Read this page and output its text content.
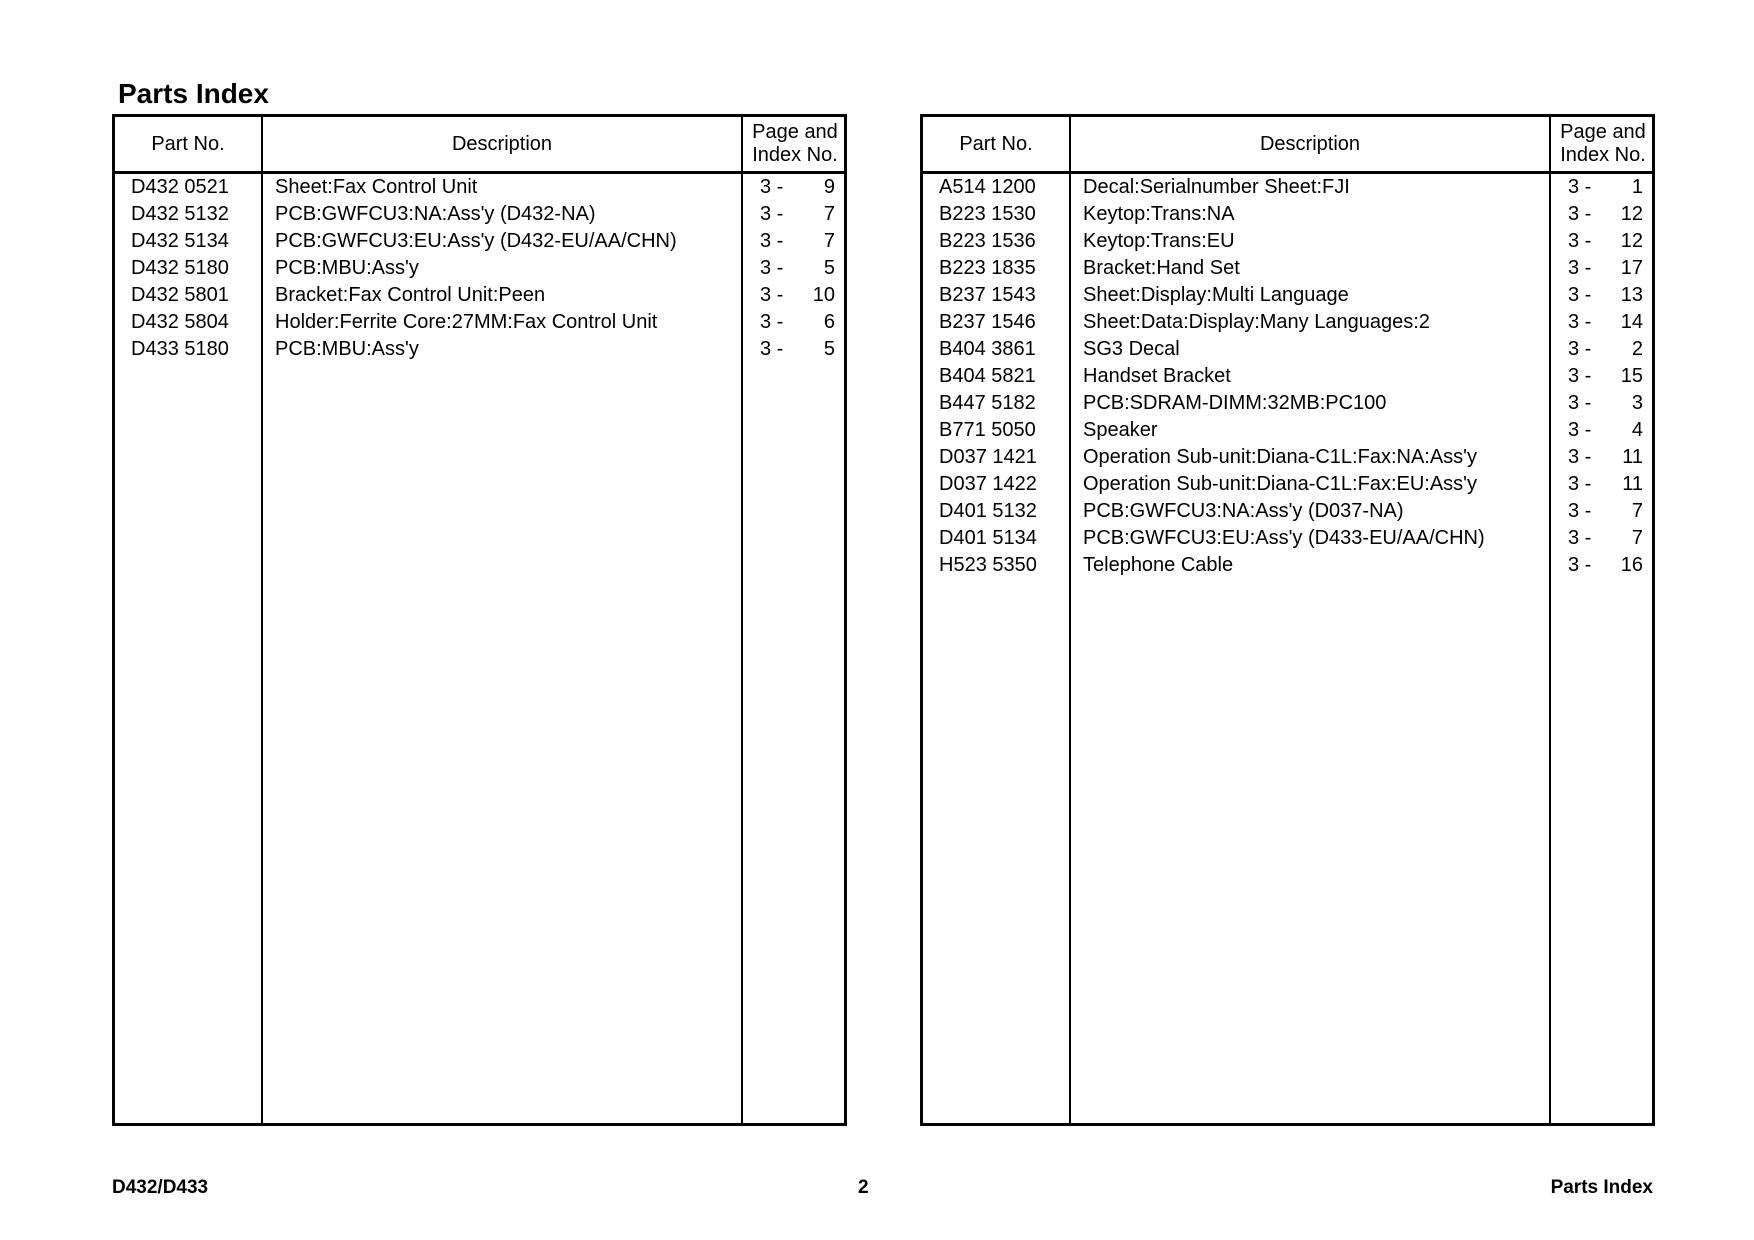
Parts Index
Part No.	Description
Page and
Index No.
D432 0521 Sheet:Fax Control Unit	3 -	9
D432 5132 PCB:GWFCU3:NA:Ass'y (D432-NA)	3 -	7
D432 5134 PCB:GWFCU3:EU:Ass'y (D432-EU/AA/CHN)	3 -	7
D432 5180 PCB:MBU:Ass'y	3 -	5
D432 5801 Bracket:Fax Control Unit:Peen	3 -	10
D432 5804 Holder:Ferrite Core:27MM:Fax Control Unit	3 -	6
D433 5180 PCB:MBU:Ass'y	3 -	5
Part No.	Description
Page and
Index No.
A514 1200 Decal:Serialnumber Sheet:FJI	3 -	1
B223 1530 Keytop:Trans:NA	3 -	12
B223 1536 Keytop:Trans:EU	3 -	12
B223 1835 Bracket:Hand Set	3 -	17
B237 1543 Sheet:Display:Multi Language	3 -	13
B237 1546 Sheet:Data:Display:Many Languages:2	3 -	14
B404 3861 SG3 Decal	3 -	2
B404 5821 Handset Bracket	3 -	15
B447 5182 PCB:SDRAM-DIMM:32MB:PC100	3 -	3
B771 5050 Speaker	3 -	4
D037 1421 Operation Sub-unit:Diana-C1L:Fax:NA:Ass'y	3 -	11
D037 1422 Operation Sub-unit:Diana-C1L:Fax:EU:Ass'y	3 -	11
D401 5132 PCB:GWFCU3:NA:Ass'y (D037-NA)	3 -	7
D401 5134 PCB:GWFCU3:EU:Ass'y (D433-EU/AA/CHN)	3 -	7
H523 5350 Telephone Cable	3 -	16
D432/D433	2	Parts Index
